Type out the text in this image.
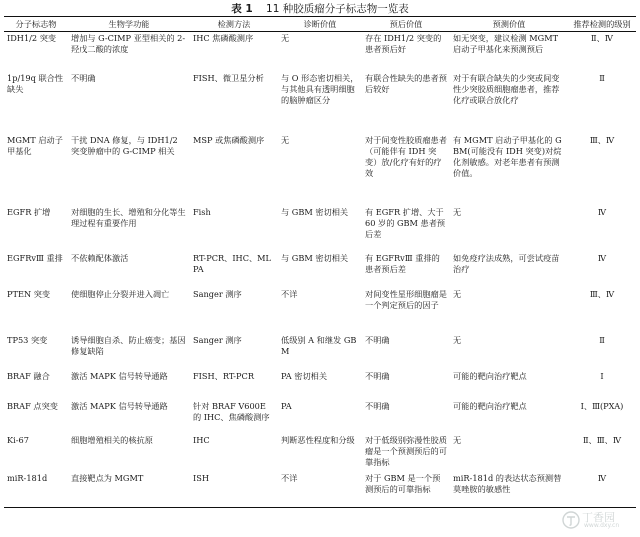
表 1 11 种胶质瘤分子标志物一览表
分子标志物	生物学功能	检测方法	诊断价值	预后价值	预测价值	推荐检测的级别
IDH1/2 突变	增加与 G-CIMP 亚型相关的 2-羟戊二酸的浓度	IHC 焦磷酸测序	无	存在 IDH1/2 突变的患者预后好	如无突变，建议检测 MGMT 启动子甲基化来预测预后	Ⅱ、Ⅳ
1p/19q 联合性缺失	不明确	FISH、微卫星分析	与 O 形态密切相关，与其他具有透明细胞的脑肿瘤区分	有联合性缺失的患者预后较好	对于有联合缺失的少突或间变性少突胶质细胞瘤患者，推荐化疗或联合放化疗	Ⅱ
MGMT 启动子甲基化	干扰 DNA 修复，与 IDH1/2 突变肿瘤中的 G-CIMP 相关	MSP 或焦磷酸测序	无	对于间变性胶质瘤患者（可能伴有 IDH 突变）放/化疗有好的疗效	有 MGMT 启动子甲基化的 GBM(可能没有 IDH 突变)对烷化剂敏感。对老年患者有预测价值。	Ⅲ、Ⅳ
EGFR 扩增	对细胞的生长、增殖和分化等生理过程有重要作用	Fish	与 GBM 密切相关	有 EGFR 扩增、大于 60 岁的 GBM 患者预后差	无	Ⅳ
EGFRvⅢ 重排	不依赖配体激活	RT-PCR、IHC、MLPA	与 GBM 密切相关	有 EGFRvⅢ 重排的患者预后差	如免疫疗法成熟，可尝试疫苗治疗	Ⅳ
PTEN 突变	使细胞停止分裂并进入凋亡	Sanger 测序	不详	对间变性星形细胞瘤是一个判定预后的因子	无	Ⅲ、Ⅳ
TP53 突变	诱导细胞自杀、防止癌变；基因修复缺陷	Sanger 测序	低级别 A 和继发 GBM	不明确	无	Ⅱ
BRAF 融合	激活 MAPK 信号转导通路	FISH、RT-PCR	PA 密切相关	不明确	可能的靶向治疗靶点	Ⅰ
BRAF 点突变	激活 MAPK 信号转导通路	针对 BRAF V600E 的 IHC、焦磷酸测序	PA	不明确	可能的靶向治疗靶点	Ⅰ、Ⅲ(PXA)
Ki-67	细胞增殖相关的核抗原	IHC	判断恶性程度和分级	对于低级别弥漫性胶质瘤是一个预测预后的可靠指标	无	Ⅱ、Ⅲ、Ⅳ
miR-181d	直接靶点为 MGMT	ISH	不详	对于 GBM 是一个预测预后的可靠指标	miR-181d 的表达状态预测替莫唑胺的敏感性	Ⅳ
丁香园
www.dxy.cn
